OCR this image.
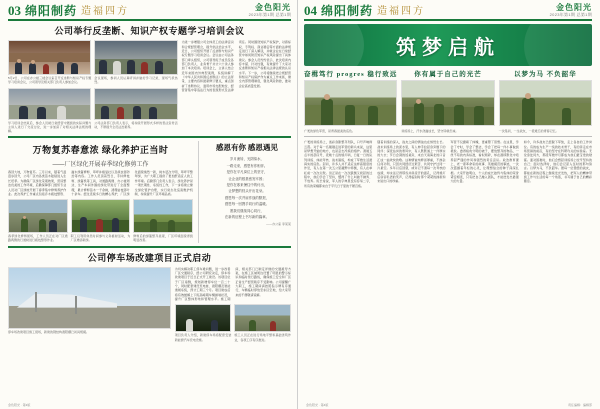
03 绵阳制药 造福四方	金色阳光
2023年第1期 总第1期
公司举行反垄断、知识产权专题学习培训会议
5月2日，公司在办公楼三楼会议室召开反垄断与知识产权专题学习培训会议，公司领导及相关部门负责人参加会议。
会议现场，参训人员认真听讲并做好学习记录，现场气氛热烈。
学习培训会结束后，参会人员就日常经营中遇到的实际问题与主讲人进行了交流讨论，进一步加深了对相关法律法规的理解。
公司法务部门负责人表示，将持续开展形式多样的普法宣传活动，不断提升全员法治素养。
为进一步增强公司全体员工的法律意识和合规经营理念，提升依法治企水平，近日，公司组织开展了反垄断与知识产权专题学习培训会议。会议由公司法务部门牵头组织，公司领导班子成员及各部门负责人、业务骨干共计六十余人参加了本次培训。培训会上，主讲人结合近年来国内外典型案例，系统讲解了《中华人民共和国反垄断法》的立法背景、主要内容和最新修订要点，重点剖析了垄断协议、滥用市场支配地位、经营者集中等违法行为的表现形式及法律责任。同时围绕知识产权保护，对商标权、专利权、商业秘密等方面的法律规定进行了深入解读，并就企业在日常经营中如何防范知识产权风险提出了具体建议。参会人员纷纷表示，此次培训内容丰富、针对性强，有效提升了大家对反垄断和知识产权相关法律法规的认识水平。下一步，公司将继续把合规经营和知识产权保护作为重点工作来抓，健全内部管理制度，强化风险防控，推动企业高质量发展。
万物复苏春意浓 绿化养护正当时
——厂区绿化开展春季绿化修剪工作
春回大地，万物复苏。三月以来，随着气温逐步回升，公司厂区内各类苗木陆续进入生长旺季。为确保厂区绿化景观效果，营造整洁优美的工作环境，后勤保障部门组织专业人员对厂区绿地开展了春季集中修剪养护作业。此次养护工作重点包括乔木疏枝整形、灌木绿篱修剪、草坪补植复壮以及病虫害防治等内容。工作人员顶着烈日，手持修枝剪、绿篱机等工具，对道路两侧、办公楼周边、生产车间外围的绿化带进行了全面整理，累计修剪苗木一千余株，清理枯枝落叶十余车。经过连续多日的精心养护，厂区绿化面貌焕然一新，树木层次分明，草坪平整翠绿，为广大职工提供了更加舒适宜人的工作环境。后勤部门负责人表示，绿化养护是一项长期性、系统性工作，下一步将建立健全绿化管护台账，实行常态化巡查维护机制，持续提升厂区环境品质。
春季绿化修剪现场，工作人员正在对厂区道路两侧的行道树进行疏枝整形作业。
职工们利用休息时间参与义务植树活动，为厂区增添新绿。
修剪后的绿篱整齐美观，厂区环境面貌得到明显改善。
感恩有你 感恩遇见
岁月流转，光阴似水，
一路走来，感恩有你相伴。
是你在平凡岗位上的坚守，
让企业的根基愈发牢固；
是你在寒来暑往中的付出，
让梦想的枝头开出花朵。
感恩每一次并肩作战的默契，
感恩每一回携手同行的温暖。
愿我们继续同心同行，
在新的征程上书写新的篇章。
——办公室 李某某
公司停车场改建项目正式启动
停车场改建项目施工现场，新建的钢结构遮阳棚已初具规模。
为切实解决职工停车难问题，进一步改善厂区交通秩序，经公司研究决定，停车场改建项目于近日正式开工建设。该项目位于厂区南侧，规划新增停车位一百二十个，同时配套建设充电桩、遮阳棚及智能道闸系统，预计工期三个月。项目建成后将有效缓解上下班高峰期车辆拥堵状况，提升厂区整体形象和管理水平。施工期间，相关部门已制定详细的交通疏导方案，在施工区域周边设置了明显的警示标识和临时绕行路线，确保施工安全和厂区正常生产经营秩序不受影响。公司提醒广大职工，施工期间请按照指示牌有序通行，车辆临时停放至东区空地，给大家带来的不便敬请谅解。
项目负责人介绍，新建停车场将配套安装新能源汽车充电设施。
施工人员正在进行场地平整和基础浇筑作业，各项工序有序推进。
金色阳光 · 第3版
04 绵阳制药 造福四方	金色阳光
2023年第1期 总第1期
筑梦启航
奋楫笃行 progres 稳行致远	你有属于自己的光芒	以梦为马 不负韶华
广袤的绿色军营，是青春最美的底色。	训练场上，汗水浇灌成长，坚守铸就忠诚。	一次集训，一生战友，一段难忘的青春记忆。
广袤的训练场上，迷彩身影整齐列队，口号声响彻云霄。对于每一名刚刚走进军营的新兵来说，这里是梦想开始的地方，也是意志淬炼的熔炉。清晨五点半的起床号，夜晚十点的熄灯哨，日复一日的队列训练、体能考核、战术演练，构成了军旅生活最真实的底色。起初，许多人并不适应这样高强度的作息，有人在第一次五公里越野中摔倒，有人在单杠前一次次失败。但正是在一次次跌倒又爬起的过程中，他们学会了坚持，懂得了什么叫做不抛弃、不放弃。班长常说，军人的字典里没有容易二字，所有的荣耀都来自于平凡日子里的千锤百炼。
随着训练的深入，战友之间的情谊也在悄然生长。战术训练场上的泥水里，有人伸手拉起身旁倒下的同伴；深夜站岗的寒风中，有人默默递上一件厚实的大衣；节日会餐的饭桌旁，来自天南海北的口音汇成一曲欢快的歌。这种情谊纯粹而厚重，不掺杂任何功利，只因共同经历过艰苦、共同守护过同一片星空。多年以后回望，或许记不清每一次考核的成绩，却永远记得那些并肩流汗的面孔，记得熄灯后窃窃私语的笑声，记得临别时那个紧紧的拥抱和未说出口的珍重。
军营不仅磨砺了体魄，更重塑了思想。在这里，学会了守时，学会了整洁，学会了把每一件小事做到极致。叠得棱角分明的被子，摆放整齐的物品，一丝不苟的内务标准，看似琐碎，却在潜移默化中培养起严谨的作风和强烈的责任意识。政治教育课上，老一辈革命家的故事、英雄模范的事迹，一次次震撼着年轻的心灵，让理想信念的种子深深扎根。大家开始明白，个人的成长始终与集体的荣誉紧密相连，只有把自己融入团队，才能迸发出最强大的力量。
如今，许多战友已经脱下军装，走上各自的工作岗位。有的成为生产一线的技术骨干，有的奔走在市场营销的前沿，有的坚守在科研攻关的实验室。无论身处何方，那段军旅岁月都成为他们最宝贵的财富。面对困难时，他们会想起训练场上咬牙坚持的自己；面对选择时，他们会记起入伍时的那句誓言。以梦为马，不负韶华。愿每一位曾经的战友，都能在新的征程上继续发光发热，把军人的精神带到工作与生活的每一个角落，书写属于自己的精彩篇章。
金色阳光 · 第4版	责任编辑：编辑部
